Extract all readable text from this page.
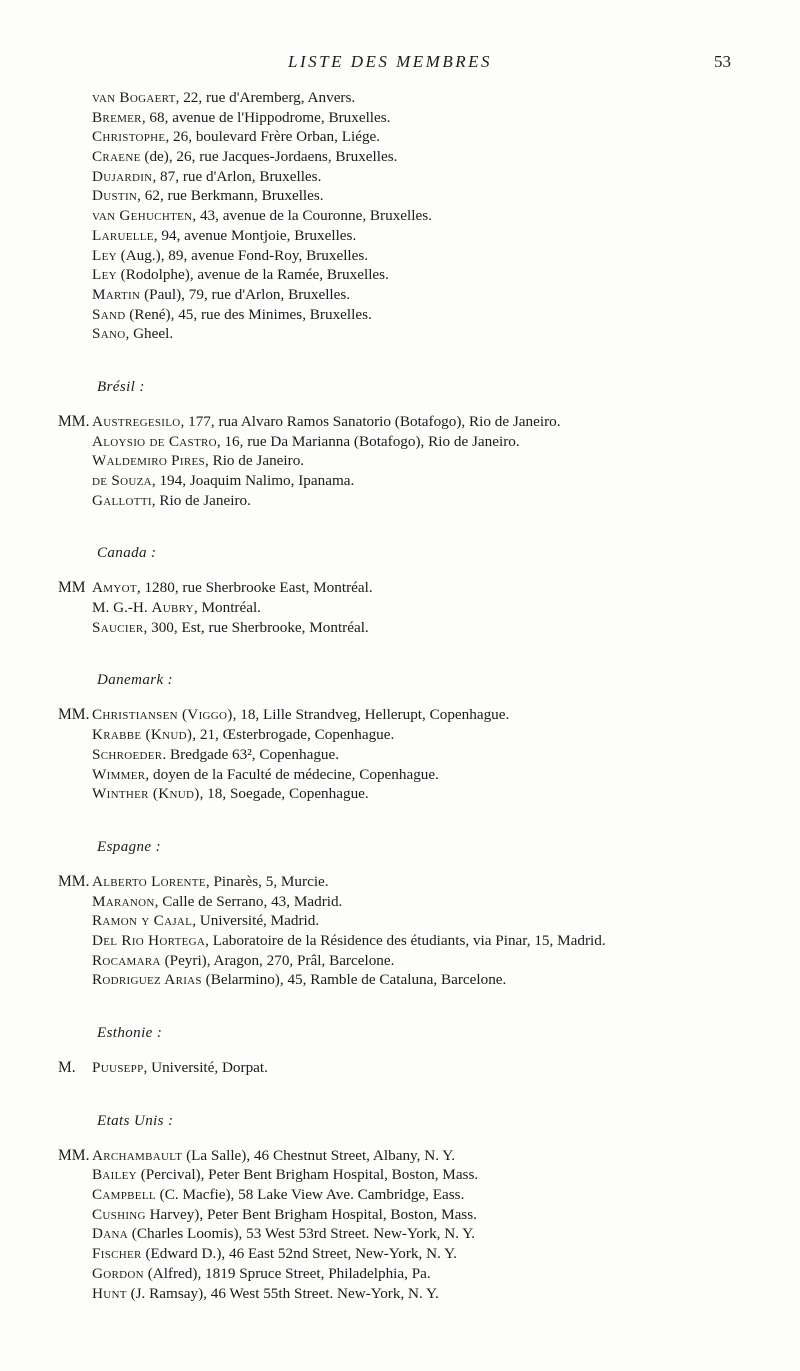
LISTE DES MEMBRES	53
van Bogaert, 22, rue d'Aremberg, Anvers.
Bremer, 68, avenue de l'Hippodrome, Bruxelles.
Christophe, 26, boulevard Frère Orban, Liége.
Craene (de), 26, rue Jacques-Jordaens, Bruxelles.
Dujardin, 87, rue d'Arlon, Bruxelles.
Dustin, 62, rue Berkmann, Bruxelles.
van Gehuchten, 43, avenue de la Couronne, Bruxelles.
Laruelle, 94, avenue Montjoie, Bruxelles.
Ley (Aug.), 89, avenue Fond-Roy, Bruxelles.
Ley (Rodolphe), avenue de la Ramée, Bruxelles.
Martin (Paul), 79, rue d'Arlon, Bruxelles.
Sand (René), 45, rue des Minimes, Bruxelles.
Sano, Gheel.
Brésil :
MM. Austregesilo, 177, rua Alvaro Ramos Sanatorio (Botafogo), Rio de Janeiro.
Aloysio de Castro, 16, rue Da Marianna (Botafogo), Rio de Janeiro.
Waldemiro Pires, Rio de Janeiro.
de Souza, 194, Joaquim Nalimo, Ipanama.
Gallotti, Rio de Janeiro.
Canada :
MM Amyot, 1280, rue Sherbrooke East, Montréal.
M. G.-H. Aubry, Montréal.
Saucier, 300, Est, rue Sherbrooke, Montréal.
Danemark :
MM. Christiansen (Viggo), 18, Lille Strandveg, Hellerupt, Copenhague.
Krabbe (Knud), 21, Œsterbrogade, Copenhague.
Schroeder. Bredgade 63², Copenhague.
Wimmer, doyen de la Faculté de médecine, Copenhague.
Winther (Knud), 18, Soegade, Copenhague.
Espagne :
MM. Alberto Lorente, Pinarès, 5, Murcie.
Maranon, Calle de Serrano, 43, Madrid.
Ramon y Cajal, Université, Madrid.
Del Rio Hortega, Laboratoire de la Résidence des étudiants, via Pinar, 15, Madrid.
Rocamara (Peyri), Aragon, 270, Prâl, Barcelone.
Rodriguez Arias (Belarmino), 45, Ramble de Cataluna, Barcelone.
Esthonie :
M. Puusepp, Université, Dorpat.
Etats Unis :
MM. Archambault (La Salle), 46 Chestnut Street, Albany, N. Y.
Bailey (Percival), Peter Bent Brigham Hospital, Boston, Mass.
Campbell (C. Macfie), 58 Lake View Ave. Cambridge, Eass.
Cushing Harvey), Peter Bent Brigham Hospital, Boston, Mass.
Dana (Charles Loomis), 53 West 53rd Street. New-York, N. Y.
Fischer (Edward D.), 46 East 52nd Street, New-York, N. Y.
Gordon (Alfred), 1819 Spruce Street, Philadelphia, Pa.
Hunt (J. Ramsay), 46 West 55th Street. New-York, N. Y.
